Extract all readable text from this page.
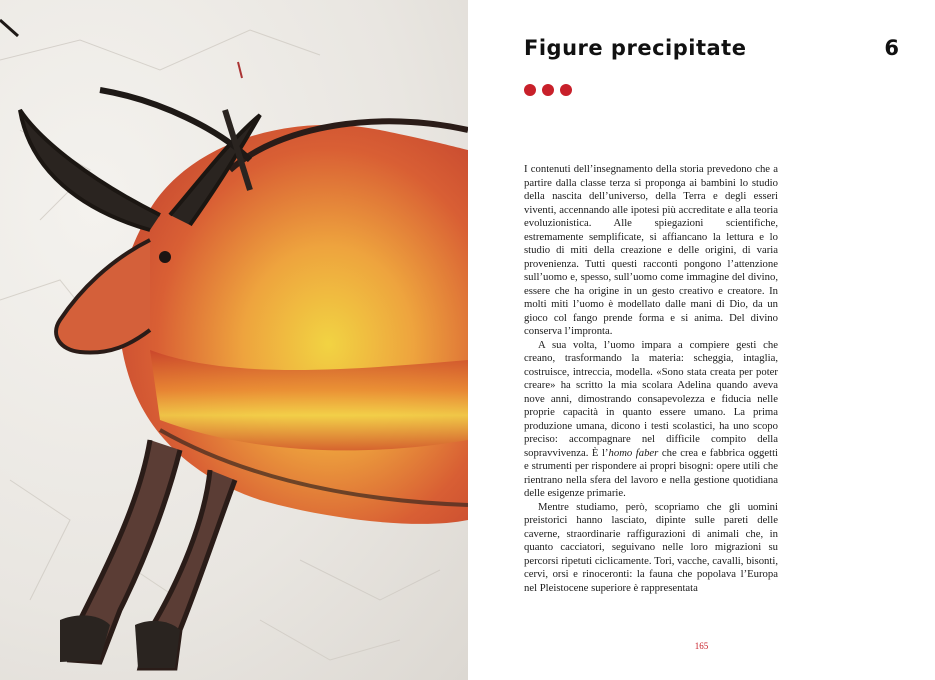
Figure precipitate	6

I contenuti dell’insegnamento della storia prevedono che a partire dalla classe terza si proponga ai bambini lo studio della nascita dell’universo, della Terra e degli esseri viventi, accennando alle ipotesi più accreditate e alla teoria evoluzionistica. Alle spiegazioni scientifiche, estremamente semplificate, si affiancano la lettura e lo studio di miti della creazione e delle origini, di varia provenienza. Tutti questi racconti pongono l’attenzione sull’uomo e, spesso, sull’uomo come immagine del divino, essere che ha origine in un gesto creativo e creatore. In molti miti l’uomo è modellato dalle mani di Dio, da un gioco col fango prende forma e si anima. Del divino conserva l’impronta.

A sua volta, l’uomo impara a compiere gesti che creano, trasformando la materia: scheggia, intaglia, costruisce, intreccia, modella. «Sono stata creata per poter creare» ha scritto la mia scolara Adelina quando aveva nove anni, dimostrando consapevolezza e fiducia nelle proprie capacità in quanto essere umano. La prima produzione umana, dicono i testi scolastici, ha uno scopo preciso: accompagnare nel difficile compito della sopravvivenza. È l’homo faber che crea e fabbrica oggetti e strumenti per rispondere ai propri bisogni: opere utili che rientrano nella sfera del lavoro e nella gestione quotidiana delle esigenze primarie.

Mentre studiamo, però, scopriamo che gli uomini preistorici hanno lasciato, dipinte sulle pareti delle caverne, straordinarie raffigurazioni di animali che, in quanto cacciatori, seguivano nelle loro migrazioni su percorsi ripetuti ciclicamente. Tori, vacche, cavalli, bisonti, cervi, orsi e rinoceronti: la fauna che popolava l’Europa nel Pleistocene superiore è rappresentata

165
